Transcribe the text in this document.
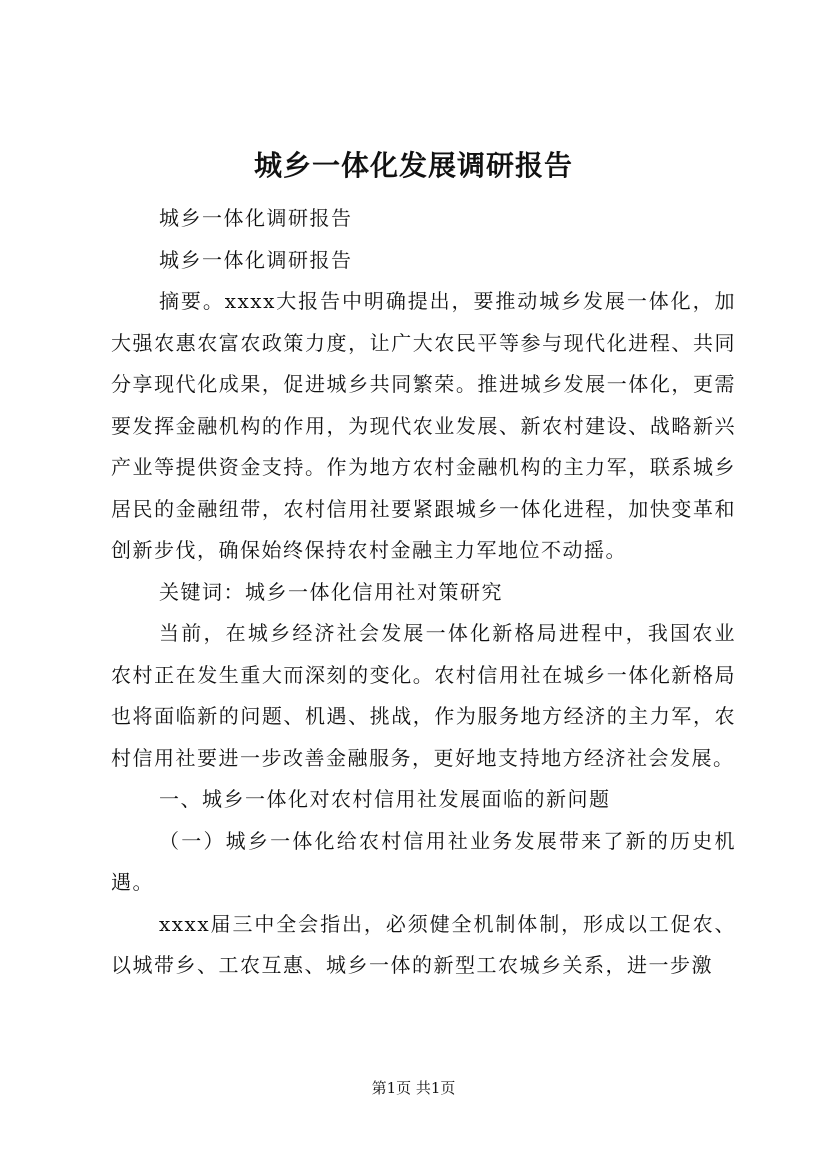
城乡一体化发展调研报告

城乡一体化调研报告

城乡一体化调研报告

摘要。xxxx大报告中明确提出，要推动城乡发展一体化，加大强农惠农富农政策力度，让广大农民平等参与现代化进程、共同分享现代化成果，促进城乡共同繁荣。推进城乡发展一体化，更需要发挥金融机构的作用，为现代农业发展、新农村建设、战略新兴产业等提供资金支持。作为地方农村金融机构的主力军，联系城乡居民的金融纽带，农村信用社要紧跟城乡一体化进程，加快变革和创新步伐，确保始终保持农村金融主力军地位不动摇。

关键词：城乡一体化信用社对策研究

当前，在城乡经济社会发展一体化新格局进程中，我国农业农村正在发生重大而深刻的变化。农村信用社在城乡一体化新格局也将面临新的问题、机遇、挑战，作为服务地方经济的主力军，农村信用社要进一步改善金融服务，更好地支持地方经济社会发展。

一、城乡一体化对农村信用社发展面临的新问题

（一）城乡一体化给农村信用社业务发展带来了新的历史机遇。

xxxx届三中全会指出，必须健全机制体制，形成以工促农、以城带乡、工农互惠、城乡一体的新型工农城乡关系，进一步激

第1页 共1页
